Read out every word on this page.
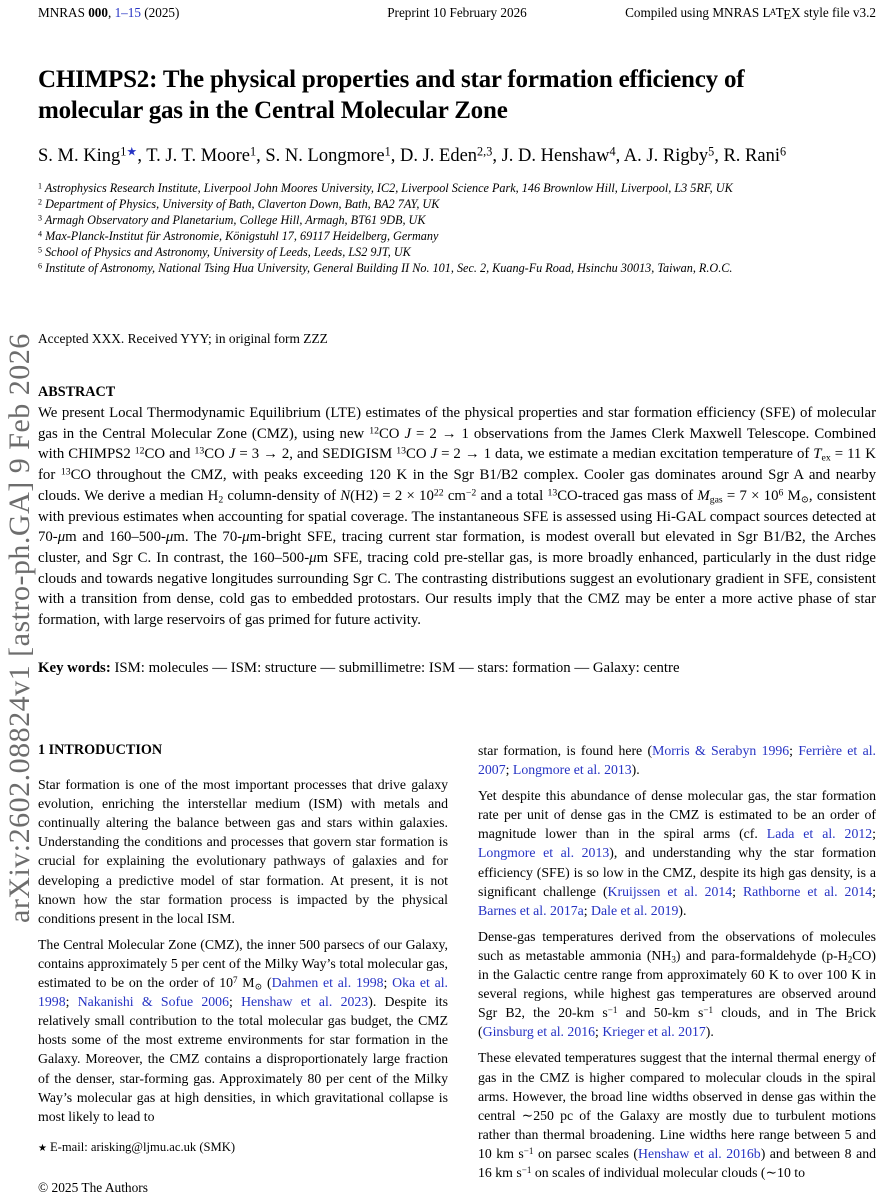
arXiv:2602.08824v1 [astro-ph.GA] 9 Feb 2026
MNRAS 000, 1–15 (2025)	Preprint 10 February 2026	Compiled using MNRAS LATEX style file v3.2
CHIMPS2: The physical properties and star formation efficiency of
molecular gas in the Central Molecular Zone
S. M. King$^{1★}$, T. J. T. Moore$^1$, S. N. Longmore$^1$, D. J. Eden$^{2,3}$, J. D. Henshaw$^4$, A. J. Rigby$^5$, R. Rani$^6$
$^1$ Astrophysics Research Institute, Liverpool John Moores University, IC2, Liverpool Science Park, 146 Brownlow Hill, Liverpool, L3 5RF, UK
$^2$ Department of Physics, University of Bath, Claverton Down, Bath, BA2 7AY, UK
$^3$ Armagh Observatory and Planetarium, College Hill, Armagh, BT61 9DB, UK
$^4$ Max-Planck-Institut für Astronomie, Königstuhl 17, 69117 Heidelberg, Germany
$^5$ School of Physics and Astronomy, University of Leeds, Leeds, LS2 9JT, UK
$^6$ Institute of Astronomy, National Tsing Hua University, General Building II No. 101, Sec. 2, Kuang-Fu Road, Hsinchu 30013, Taiwan, R.O.C.
Accepted XXX. Received YYY; in original form ZZZ
ABSTRACT
We present Local Thermodynamic Equilibrium (LTE) estimates of the physical properties and star formation efficiency (SFE) of molecular gas in the Central Molecular Zone (CMZ), using new $^{12}$CO J = 2 → 1 observations from the James Clerk Maxwell Telescope. Combined with CHIMPS2 $^{12}$CO and $^{13}$CO J = 3 → 2, and SEDIGISM $^{13}$CO J = 2 → 1 data, we estimate a median excitation temperature of $T_{ex} = 11$ K for $^{13}$CO throughout the CMZ, with peaks exceeding 120 K in the Sgr B1/B2 complex. Cooler gas dominates around Sgr A and nearby clouds. We derive a median $H_2$ column-density of $N(H2) = 2 \times 10^{22}$ $cm^{-2}$ and a total $^{13}$CO-traced gas mass of $M_{gas} = 7 \times 10^6$ $M_⊙$, consistent with previous estimates when accounting for spatial coverage. The instantaneous SFE is assessed using Hi-GAL compact sources detected at 70-μm and 160–500-μm. The 70-μm-bright SFE, tracing current star formation, is modest overall but elevated in Sgr B1/B2, the Arches cluster, and Sgr C. In contrast, the 160–500-μm SFE, tracing cold pre-stellar gas, is more broadly enhanced, particularly in the dust ridge clouds and towards negative longitudes surrounding Sgr C. The contrasting distributions suggest an evolutionary gradient in SFE, consistent with a transition from dense, cold gas to embedded protostars. Our results imply that the CMZ may be enter a more active phase of star formation, with large reservoirs of gas primed for future activity.
Key words: ISM: molecules — ISM: structure — submillimetre: ISM — stars: formation — Galaxy: centre
1 INTRODUCTION

Star formation is one of the most important processes that drive galaxy evolution, enriching the interstellar medium (ISM) with metals and continually altering the balance between gas and stars within galaxies. Understanding the conditions and processes that govern star formation is crucial for explaining the evolutionary pathways of galaxies and for developing a predictive model of star formation. At present, it is not known how the star formation process is impacted by the physical conditions present in the local ISM.

The Central Molecular Zone (CMZ), the inner 500 parsecs of our Galaxy, contains approximately 5 per cent of the Milky Way’s total molecular gas, estimated to be on the order of $10^7$ $M_⊙$ (Dahmen et al. 1998; Oka et al. 1998; Nakanishi & Sofue 2006; Henshaw et al. 2023). Despite its relatively small contribution to the total molecular gas budget, the CMZ hosts some of the most extreme environments for star formation in the Galaxy. Moreover, the CMZ contains a disproportionately large fraction of the denser, star-forming gas. Approximately 80 per cent of the Milky Way’s molecular gas at high densities, in which gravitational collapse is most likely to lead to

star formation, is found here (Morris & Serabyn 1996; Ferrière et al. 2007; Longmore et al. 2013).

Yet despite this abundance of dense molecular gas, the star formation rate per unit of dense gas in the CMZ is estimated to be an order of magnitude lower than in the spiral arms (cf. Lada et al. 2012; Longmore et al. 2013), and understanding why the star formation efficiency (SFE) is so low in the CMZ, despite its high gas density, is a significant challenge (Kruijssen et al. 2014; Rathborne et al. 2014; Barnes et al. 2017a; Dale et al. 2019).

Dense-gas temperatures derived from the observations of molecules such as metastable ammonia $(NH_3)$ and para-formaldehyde $(p-H_2CO)$ in the Galactic centre range from approximately 60 K to over 100 K in several regions, while highest gas temperatures are observed around Sgr B2, the 20-km $s^{-1}$ and 50-km $s^{-1}$ clouds, and in The Brick (Ginsburg et al. 2016; Krieger et al. 2017).

These elevated temperatures suggest that the internal thermal energy of gas in the CMZ is higher compared to molecular clouds in the spiral arms. However, the broad line widths observed in dense gas within the central ∼250 pc of the Galaxy are mostly due to turbulent motions rather than thermal broadening. Line widths here range between 5 and 10 km $s^{-1}$ on parsec scales (Henshaw et al. 2016b) and between 8 and 16 km $s^{-1}$ on scales of individual molecular clouds (∼10 to

★ E-mail: arisking@ljmu.ac.uk (SMK)
© 2025 The Authors
